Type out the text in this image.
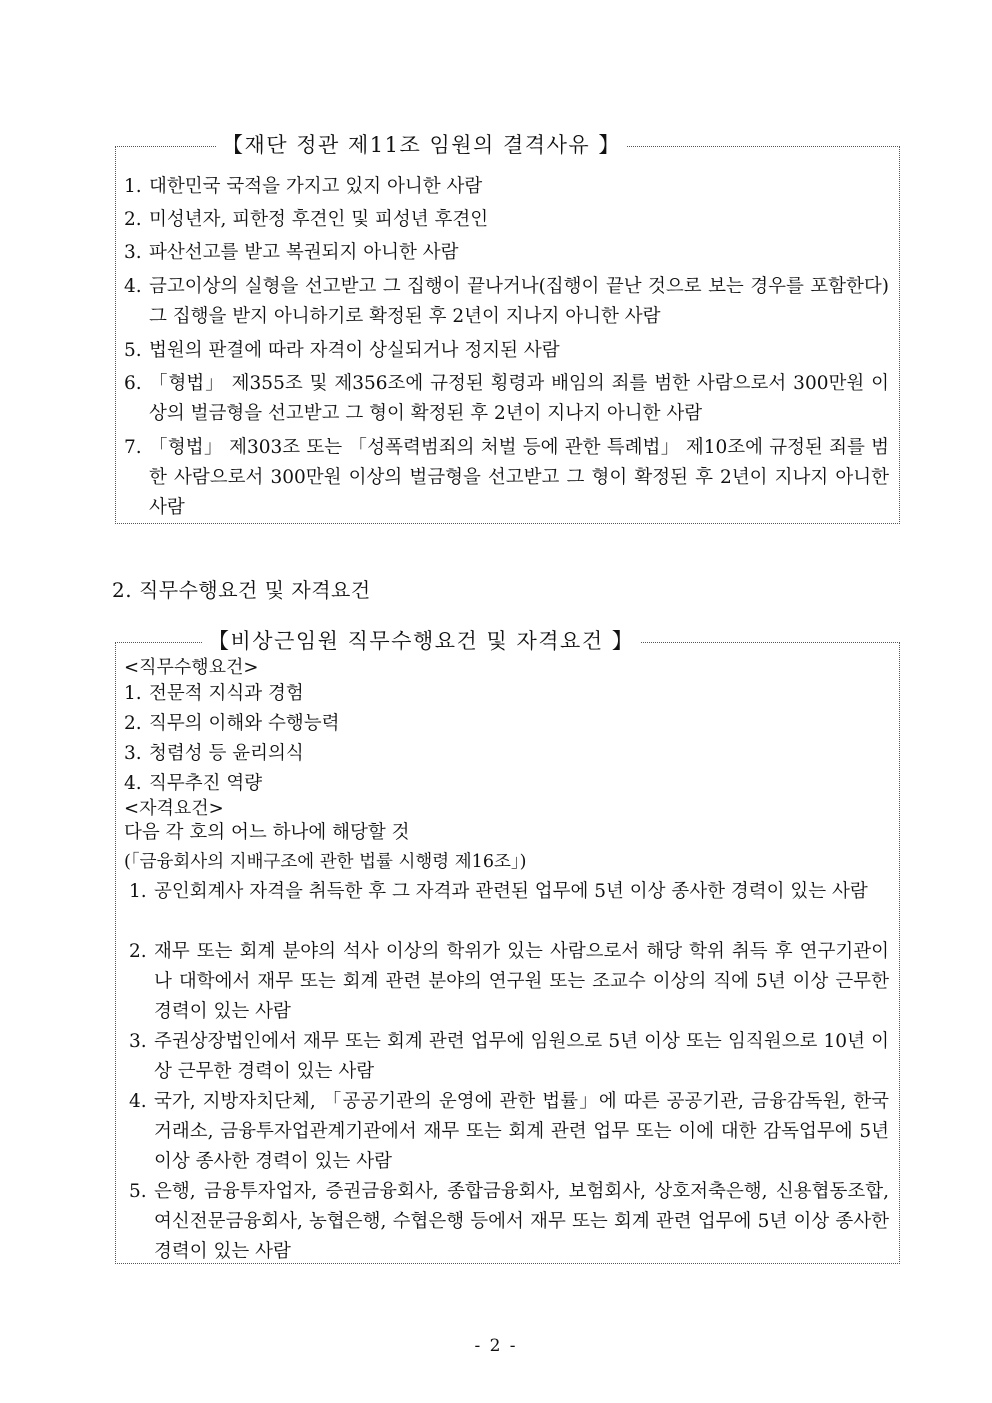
【재단 정관 제11조 임원의 결격사유 】
1. 대한민국 국적을 가지고 있지 아니한 사람
2. 미성년자, 피한정 후견인 및 피성년 후견인
3. 파산선고를 받고 복권되지 아니한 사람
4. 금고이상의 실형을 선고받고 그 집행이 끝나거나(집행이 끝난 것으로 보는 경우를 포함한다)그 집행을 받지 아니하기로 확정된 후 2년이 지나지 아니한 사람
5. 법원의 판결에 따라 자격이 상실되거나 정지된 사람
6. 「형법」 제355조 및 제356조에 규정된 횡령과 배임의 죄를 범한 사람으로서 300만원 이상의 벌금형을 선고받고 그 형이 확정된 후 2년이 지나지 아니한 사람
7. 「형법」 제303조 또는 「성폭력범죄의 처벌 등에 관한 특례법」 제10조에 규정된 죄를 범한 사람으로서 300만원 이상의 벌금형을 선고받고 그 형이 확정된 후 2년이 지나지 아니한 사람
2. 직무수행요건 및 자격요건
【비상근임원 직무수행요건 및 자격요건 】
<직무수행요건>
1. 전문적 지식과 경험
2. 직무의 이해와 수행능력
3. 청렴성 등 윤리의식
4. 직무추진 역량
<자격요건>
다음 각 호의 어느 하나에 해당할 것
(「금융회사의 지배구조에 관한 법률 시행령 제16조」)
1. 공인회계사 자격을 취득한 후 그 자격과 관련된 업무에 5년 이상 종사한 경력이 있는 사람
2. 재무 또는 회계 분야의 석사 이상의 학위가 있는 사람으로서 해당 학위 취득 후 연구기관이나 대학에서 재무 또는 회계 관련 분야의 연구원 또는 조교수 이상의 직에 5년 이상 근무한 경력이 있는 사람
3. 주권상장법인에서 재무 또는 회계 관련 업무에 임원으로 5년 이상 또는 임직원으로 10년 이상 근무한 경력이 있는 사람
4. 국가, 지방자치단체, 「공공기관의 운영에 관한 법률」에 따른 공공기관, 금융감독원, 한국거래소, 금융투자업관계기관에서 재무 또는 회계 관련 업무 또는 이에 대한 감독업무에 5년 이상 종사한 경력이 있는 사람
5. 은행, 금융투자업자, 증권금융회사, 종합금융회사, 보험회사, 상호저축은행, 신용협동조합, 여신전문금융회사, 농협은행, 수협은행 등에서 재무 또는 회계 관련 업무에 5년 이상 종사한 경력이 있는 사람
- 2 -
